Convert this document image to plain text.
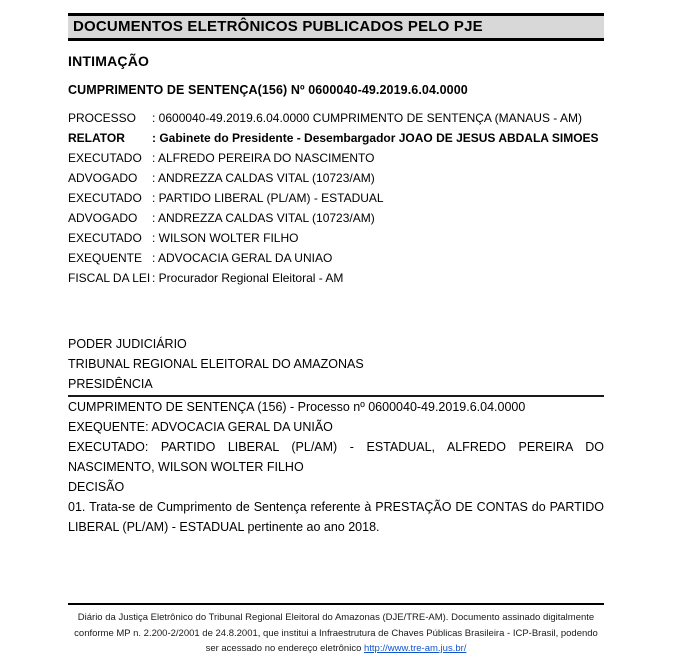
DOCUMENTOS ELETRÔNICOS PUBLICADOS PELO PJE
INTIMAÇÃO
CUMPRIMENTO DE SENTENÇA(156) Nº 0600040-49.2019.6.04.0000
PROCESSO	: 0600040-49.2019.6.04.0000 CUMPRIMENTO DE SENTENÇA (MANAUS - AM)
RELATOR	: Gabinete do Presidente - Desembargador JOAO DE JESUS ABDALA SIMOES
EXECUTADO	: ALFREDO PEREIRA DO NASCIMENTO
ADVOGADO	: ANDREZZA CALDAS VITAL (10723/AM)
EXECUTADO	: PARTIDO LIBERAL (PL/AM) - ESTADUAL
ADVOGADO	: ANDREZZA CALDAS VITAL (10723/AM)
EXECUTADO	: WILSON WOLTER FILHO
EXEQUENTE	: ADVOCACIA GERAL DA UNIAO
FISCAL DA LEI	: Procurador Regional Eleitoral - AM

PODER JUDICIÁRIO

TRIBUNAL REGIONAL ELEITORAL DO AMAZONAS

PRESIDÊNCIA

CUMPRIMENTO DE SENTENÇA (156) - Processo nº 0600040-49.2019.6.04.0000

EXEQUENTE: ADVOCACIA GERAL DA UNIÃO

EXECUTADO: PARTIDO LIBERAL (PL/AM) - ESTADUAL, ALFREDO PEREIRA DO NASCIMENTO, WILSON WOLTER FILHO

DECISÃO

01. Trata-se de Cumprimento de Sentença referente à PRESTAÇÃO DE CONTAS do PARTIDO LIBERAL (PL/AM) - ESTADUAL pertinente ao ano 2018.

Diário da Justiça Eletrônico do Tribunal Regional Eleitoral do Amazonas (DJE/TRE-AM). Documento assinado digitalmente conforme MP n. 2.200-2/2001 de 24.8.2001, que institui a Infraestrutura de Chaves Públicas Brasileira - ICP-Brasil, podendo ser acessado no endereço eletrônico http://www.tre-am.jus.br/
